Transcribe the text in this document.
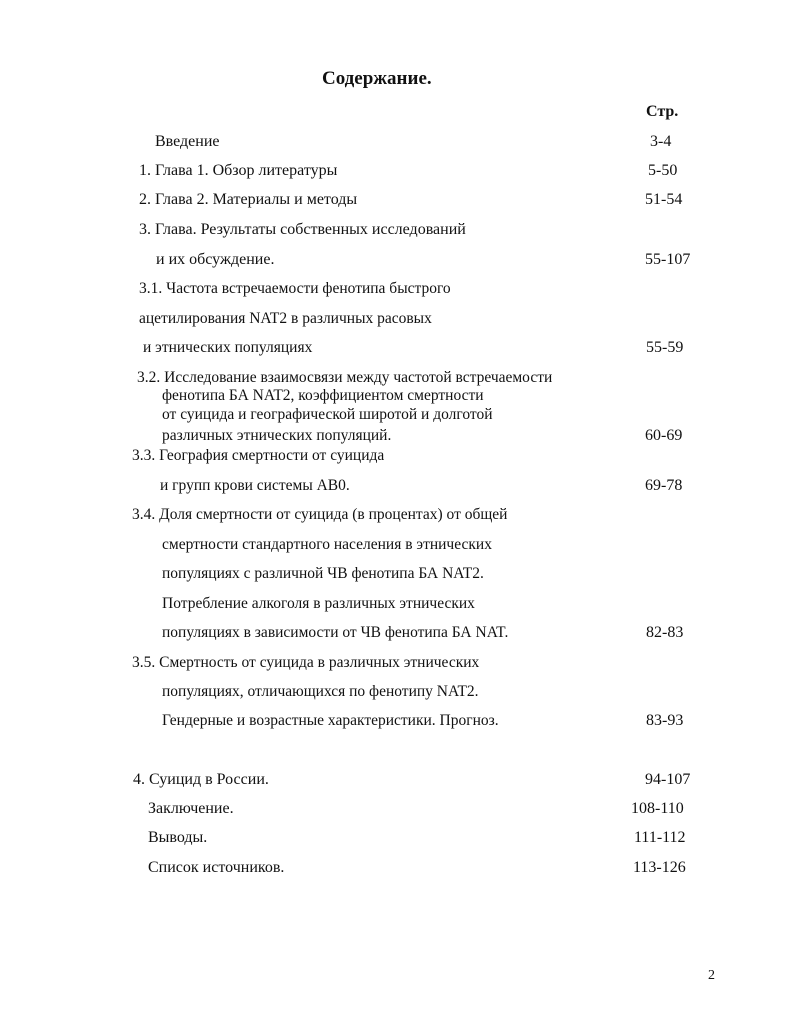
Содержание.
Стр.
Введение	3-4
1. Глава 1. Обзор литературы	5-50
2. Глава 2. Материалы и методы	51-54
3. Глава. Результаты собственных исследований
и их обсуждение.	55-107
3.1. Частота встречаемости фенотипа быстрого
ацетилирования NAT2 в различных расовых
и этнических популяциях	55-59
3.2. Исследование взаимосвязи между частотой встречаемости
фенотипа БА NAT2, коэффициентом смертности
от суицида и географической широтой и долготой
различных этнических популяций.	60-69
3.3. География смертности от суицида
и групп крови системы АВ0.	69-78
3.4. Доля смертности от суицида (в процентах) от общей
смертности стандартного населения в этнических
популяциях с различной ЧВ фенотипа БА NAT2.
Потребление алкоголя в различных этнических
популяциях в зависимости от ЧВ фенотипа БА NAT.	82-83
3.5. Смертность от суицида в различных этнических
популяциях, отличающихся по фенотипу NAT2.
Гендерные и возрастные характеристики. Прогноз.	83-93
4. Суицид в России.	94-107
Заключение.	108-110
Выводы.	111-112
Список источников.	113-126
2
